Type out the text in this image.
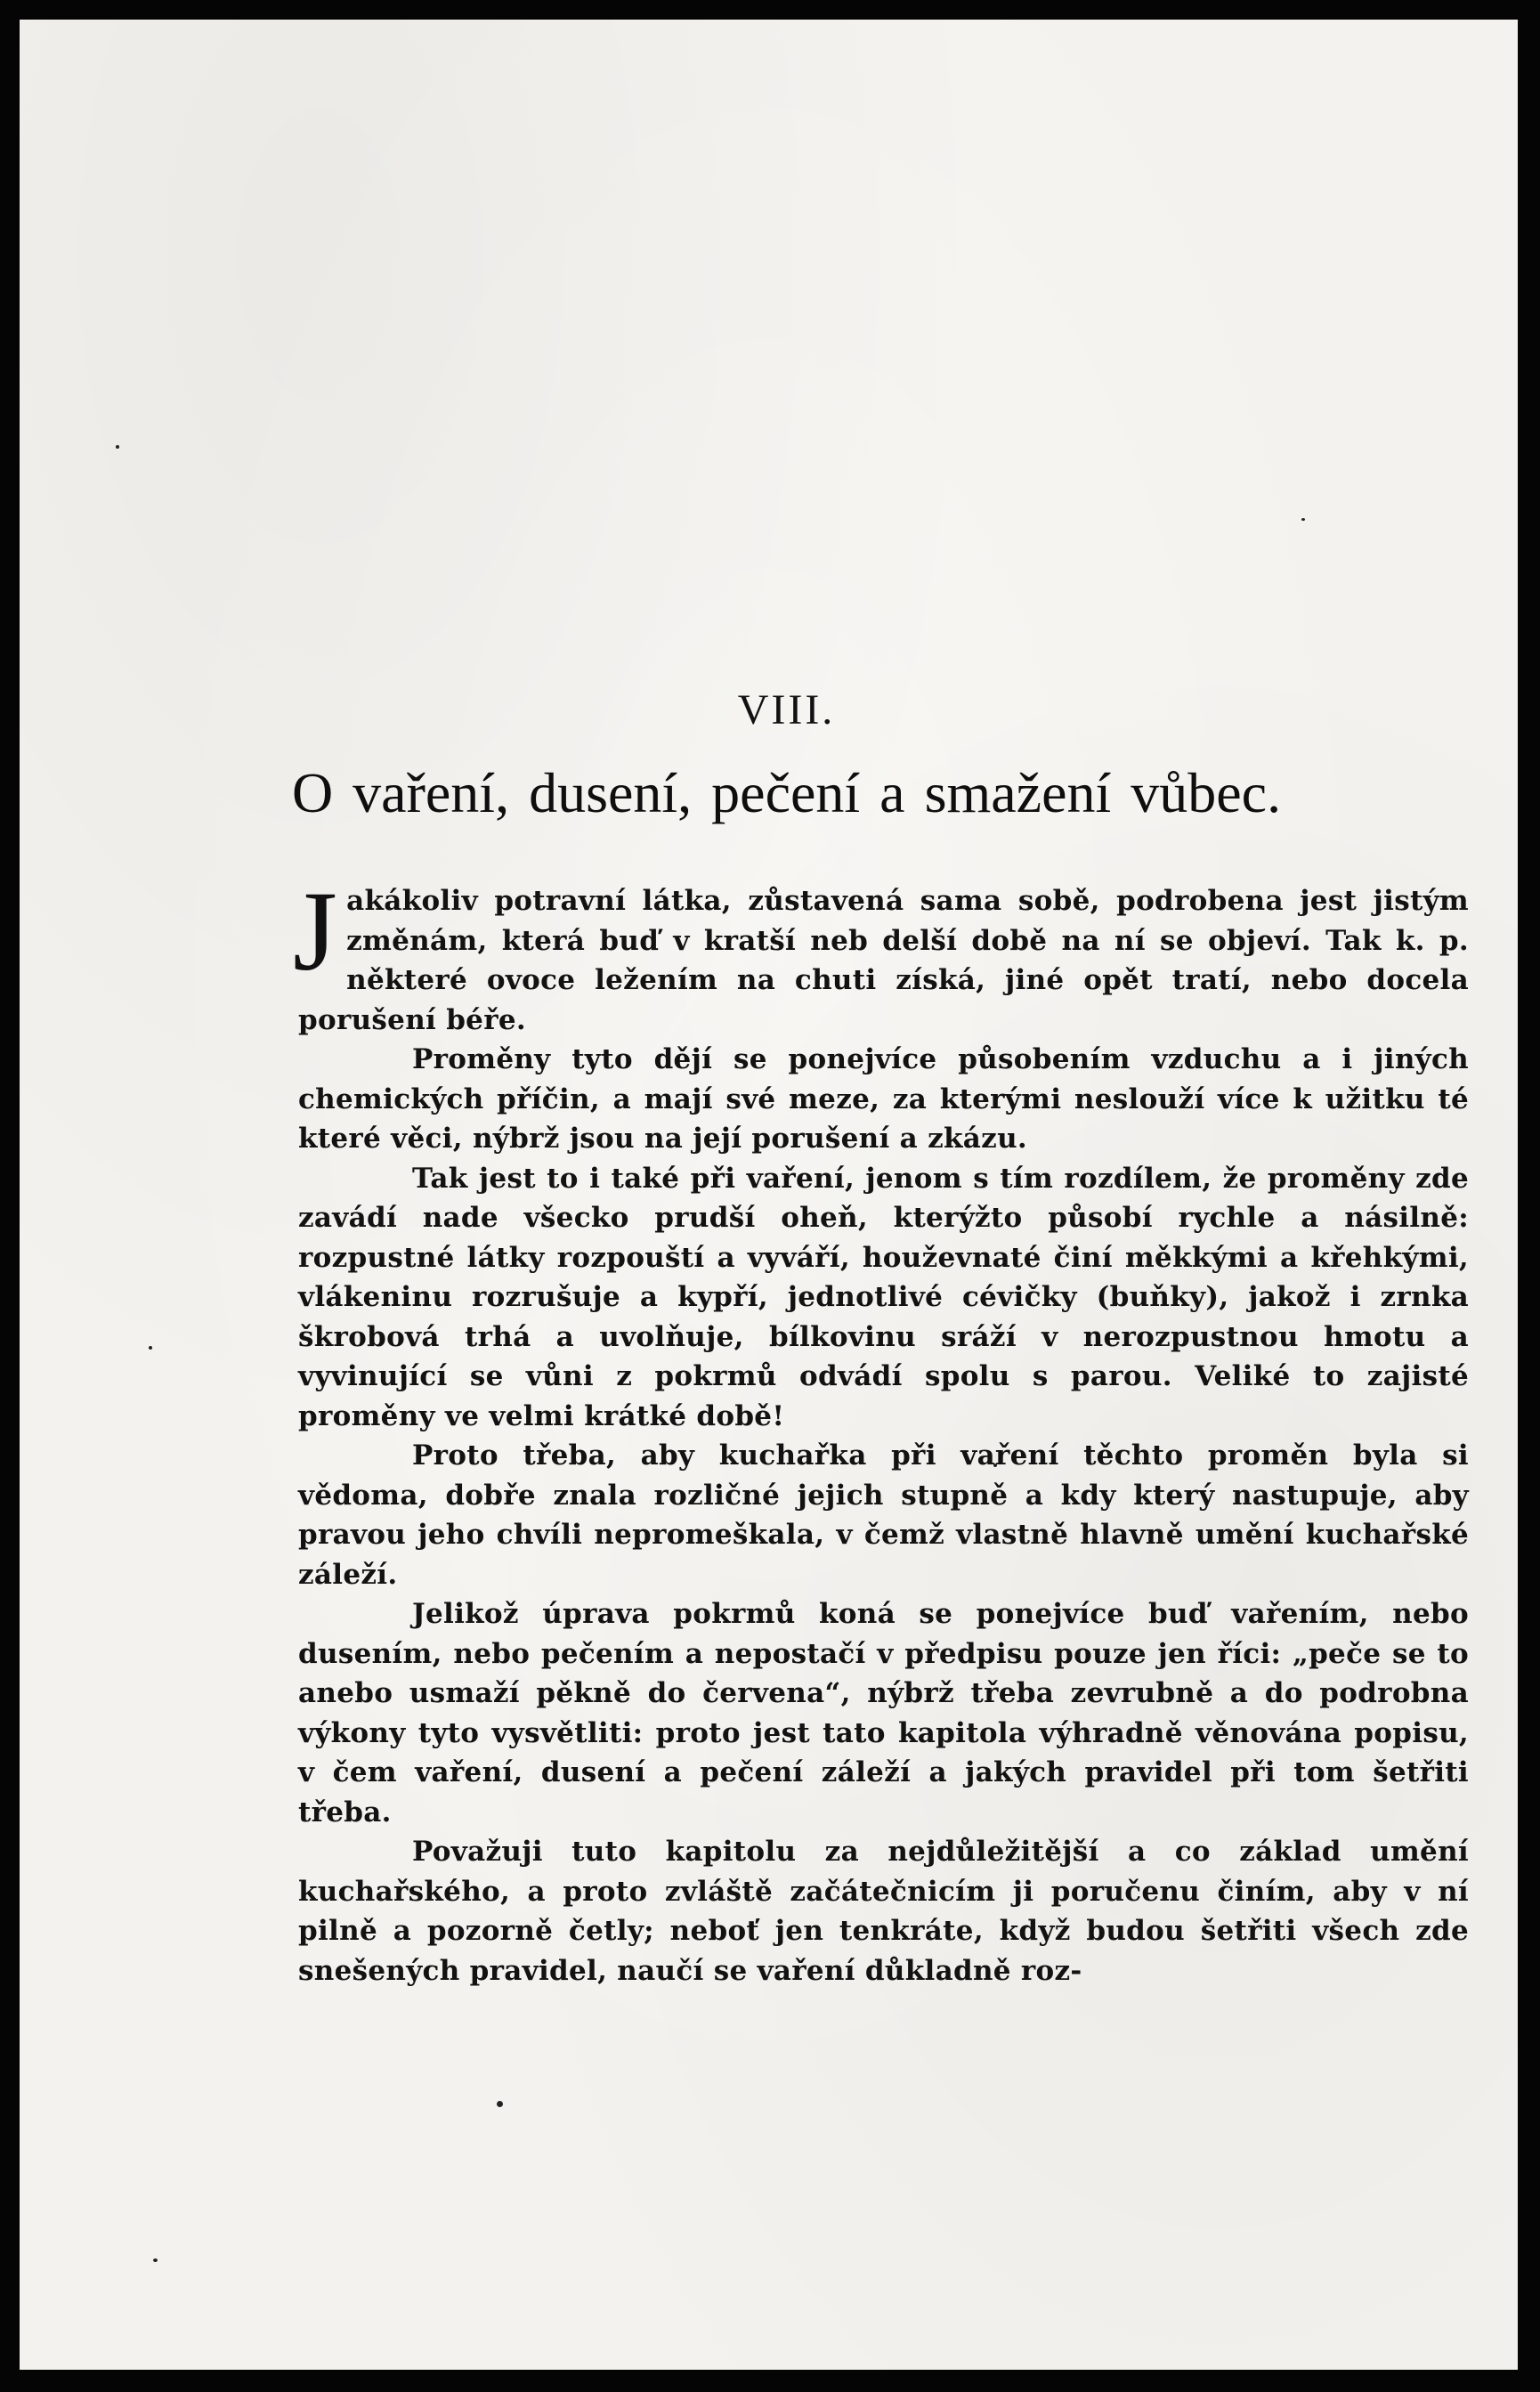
VIII.
O vaření, dusení, pečení a smažení vůbec.

Jakákoliv potravní látka, zůstavená sama sobě, podrobena jest jistým změnám, která buď v kratší neb delší době na ní se objeví. Tak k. p. některé ovoce ležením na chuti získá, jiné opět tratí, nebo docela porušení béře.

Proměny tyto dějí se ponejvíce působením vzduchu a i jiných chemických příčin, a mají své meze, za kterými neslouží více k užitku té které věci, nýbrž jsou na její porušení a zkázu.

Tak jest to i také při vaření, jenom s tím rozdílem, že proměny zde zavádí nade všecko prudší oheň, kterýžto působí rychle a násilně: rozpustné látky rozpouští a vyváří, houževnaté činí měkkými a křehkými, vlákeninu rozrušuje a kypří, jednotlivé cévičky (buňky), jakož i zrnka škrobová trhá a uvolňuje, bílkovinu sráží v nerozpustnou hmotu a vyvinující se vůni z pokrmů odvádí spolu s parou. Veliké to zajisté proměny ve velmi krátké době!

Proto třeba, aby kuchařka při vaření těchto proměn byla si vědoma, dobře znala rozličné jejich stupně a kdy který nastupuje, aby pravou jeho chvíli nepromeškala, v čemž vlastně hlavně umění kuchařské záleží.

Jelikož úprava pokrmů koná se ponejvíce buď vařením, nebo dusením, nebo pečením a nepostačí v předpisu pouze jen říci: „peče se to anebo usmaží pěkně do červena“, nýbrž třeba zevrubně a do podrobna výkony tyto vysvětliti: proto jest tato kapitola výhradně věnována popisu, v čem vaření, dusení a pečení záleží a jakých pravidel při tom šetřiti třeba.

Považuji tuto kapitolu za nejdůležitější a co základ umění kuchařského, a proto zvláště začátečnicím ji poručenu činím, aby v ní pilně a pozorně četly; neboť jen tenkráte, když budou šetřiti všech zde snešených pravidel, naučí se vaření důkladně roz-
